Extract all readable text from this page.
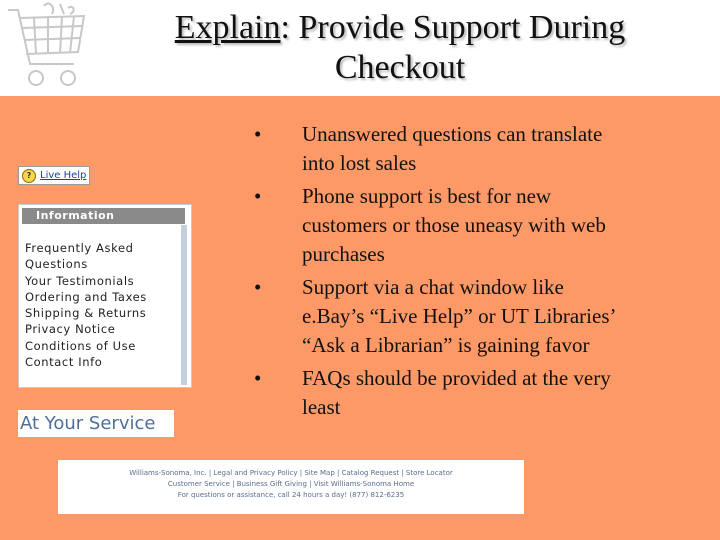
Explain: Provide Support During
Checkout
? Live Help
Information
Frequently Asked
Questions
Your Testimonials
Ordering and Taxes
Shipping & Returns
Privacy Notice
Conditions of Use
Contact Info
At Your Service
• Unanswered questions can translate into lost sales
• Phone support is best for new customers or those uneasy with web purchases
• Support via a chat window like e.Bay’s “Live Help” or UT Libraries’ “Ask a Librarian” is gaining favor
• FAQs should be provided at the very least
Williams-Sonoma, Inc. | Legal and Privacy Policy | Site Map | Catalog Request | Store Locator
Customer Service | Business Gift Giving | Visit Williams-Sonoma Home
For questions or assistance, call 24 hours a day! (877) 812-6235
